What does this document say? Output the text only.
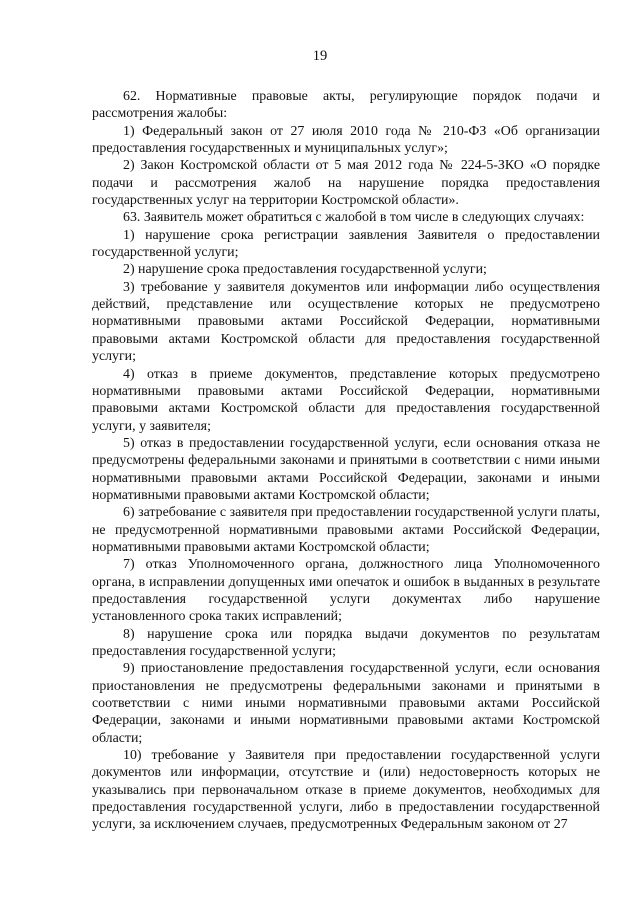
19

62. Нормативные правовые акты, регулирующие порядок подачи и рассмотрения жалобы:

1) Федеральный закон от 27 июля 2010 года № 210-ФЗ «Об организации предоставления государственных и муниципальных услуг»;

2) Закон Костромской области от 5 мая 2012 года № 224-5-ЗКО «О порядке подачи и рассмотрения жалоб на нарушение порядка предоставления государственных услуг на территории Костромской области».

63. Заявитель может обратиться с жалобой в том числе в следующих случаях:

1) нарушение срока регистрации заявления Заявителя о предоставлении государственной услуги;

2) нарушение срока предоставления государственной услуги;

3) требование у заявителя документов или информации либо осуществления действий, представление или осуществление которых не предусмотрено нормативными правовыми актами Российской Федерации, нормативными правовыми актами Костромской области для предоставления государственной услуги;

4) отказ в приеме документов, представление которых предусмотрено нормативными правовыми актами Российской Федерации, нормативными правовыми актами Костромской области для предоставления государственной услуги, у заявителя;

5) отказ в предоставлении государственной услуги, если основания отказа не предусмотрены федеральными законами и принятыми в соответствии с ними иными нормативными правовыми актами Российской Федерации, законами и иными нормативными правовыми актами Костромской области;

6) затребование с заявителя при предоставлении государственной услуги платы, не предусмотренной нормативными правовыми актами Российской Федерации, нормативными правовыми актами Костромской области;

7) отказ Уполномоченного органа, должностного лица Уполномоченного органа, в исправлении допущенных ими опечаток и ошибок в выданных в результате предоставления государственной услуги документах либо нарушение установленного срока таких исправлений;

8) нарушение срока или порядка выдачи документов по результатам предоставления государственной услуги;

9) приостановление предоставления государственной услуги, если основания приостановления не предусмотрены федеральными законами и принятыми в соответствии с ними иными нормативными правовыми актами Российской Федерации, законами и иными нормативными правовыми актами Костромской области;

10) требование у Заявителя при предоставлении государственной услуги документов или информации, отсутствие и (или) недостоверность которых не указывались при первоначальном отказе в приеме документов, необходимых для предоставления государственной услуги, либо в предоставлении государственной услуги, за исключением случаев, предусмотренных Федеральным законом от 27
